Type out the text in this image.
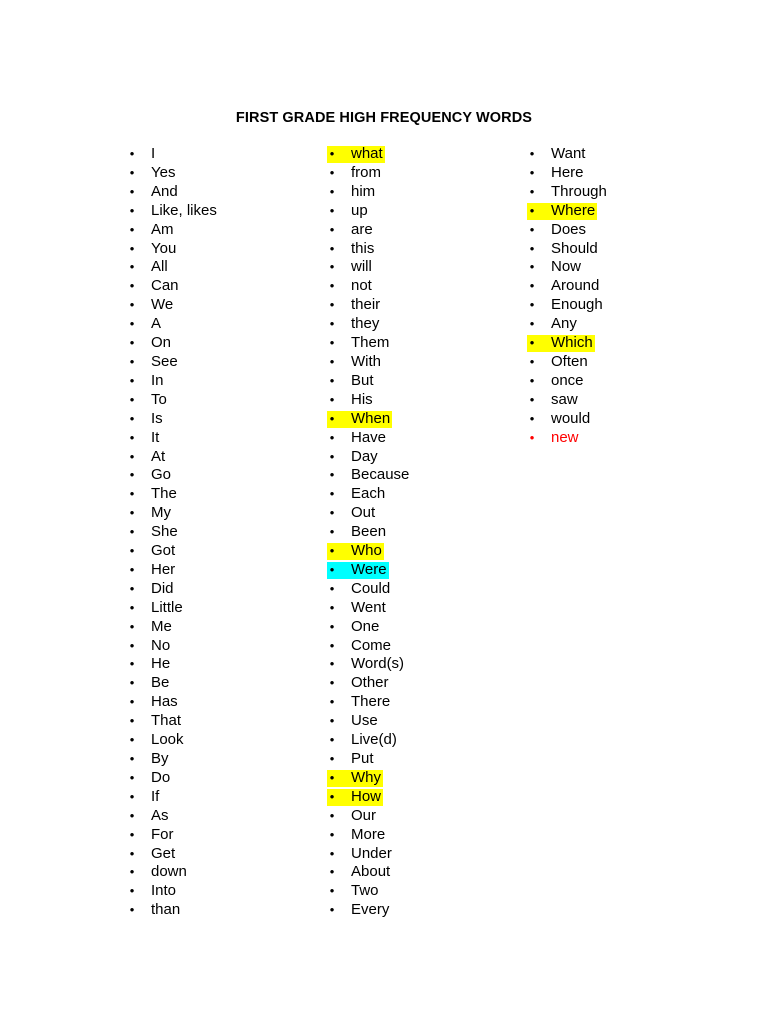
FIRST GRADE HIGH FREQUENCY WORDS
• I
• Yes
• And
• Like, likes
• Am
• You
• All
• Can
• We
• A
• On
• See
• In
• To
• Is
• It
• At
• Go
• The
• My
• She
• Got
• Her
• Did
• Little
• Me
• No
• He
• Be
• Has
• That
• Look
• By
• Do
• If
• As
• For
• Get
• down
• Into
• than
• what
• from
• him
• up
• are
• this
• will
• not
• their
• they
• Them
• With
• But
• His
• When
• Have
• Day
• Because
• Each
• Out
• Been
• Who
• Were
• Could
• Went
• One
• Come
• Word(s)
• Other
• There
• Use
• Live(d)
• Put
• Why
• How
• Our
• More
• Under
• About
• Two
• Every
• Want
• Here
• Through
• Where
• Does
• Should
• Now
• Around
• Enough
• Any
• Which
• Often
• once
• saw
• would
• new
